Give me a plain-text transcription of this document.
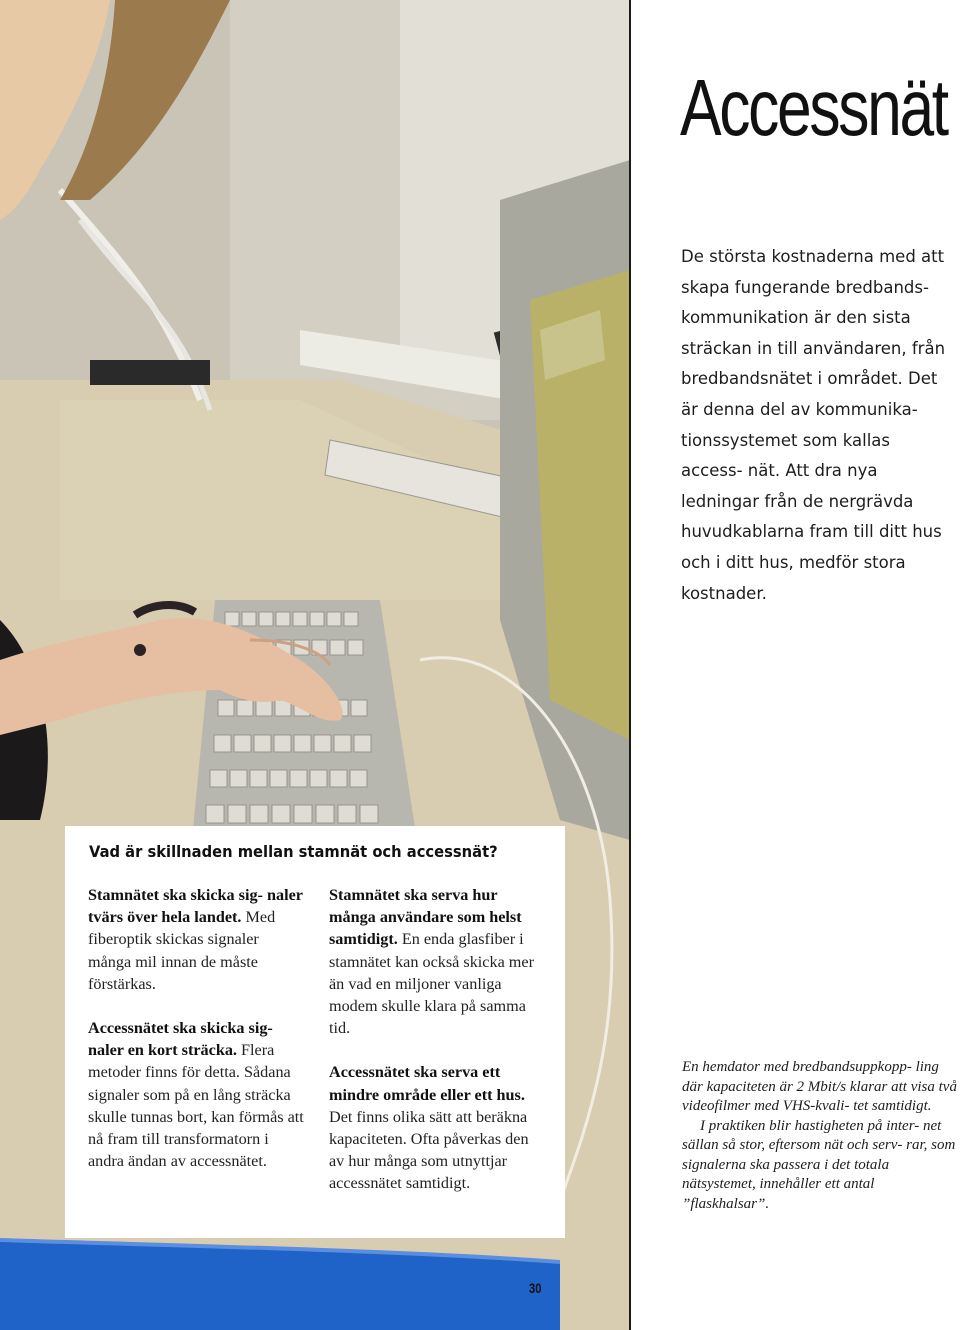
Accessnät

De största kostnaderna med att skapa fungerande bredbands- kommunikation är den sista sträckan in till användaren, från bredbandsnätet i området. Det är denna del av kommunika- tionssystemet som kallas access- nät. Att dra nya ledningar från de nergrävda huvudkablarna fram till ditt hus och i ditt hus, medför stora kostnader.

Vad är skillnaden mellan stamnät och accessnät?

Stamnätet ska skicka sig- naler tvärs över hela landet. Med fiberoptik skickas signaler många mil innan de måste förstärkas.

Accessnätet ska skicka sig- naler en kort sträcka. Flera metoder finns för detta. Sådana signaler som på en lång sträcka skulle tunnas bort, kan förmås att nå fram till transformatorn i andra ändan av accessnätet.

Stamnätet ska serva hur många användare som helst samtidigt. En enda glasfiber i stamnätet kan också skicka mer än vad en miljoner vanliga modem skulle klara på samma tid.

Accessnätet ska serva ett mindre område eller ett hus. Det finns olika sätt att beräkna kapaciteten. Ofta påverkas den av hur många som utnyttjar accessnätet samtidigt.

En hemdator med bredbandsuppkopp- ling där kapaciteten är 2 Mbit/s klarar att visa två videofilmer med VHS-kvali- tet samtidigt.

I praktiken blir hastigheten på inter- net sällan så stor, eftersom nät och serv- rar, som signalerna ska passera i det totala nätsystemet, innehåller ett antal ”flaskhalsar”.

30
